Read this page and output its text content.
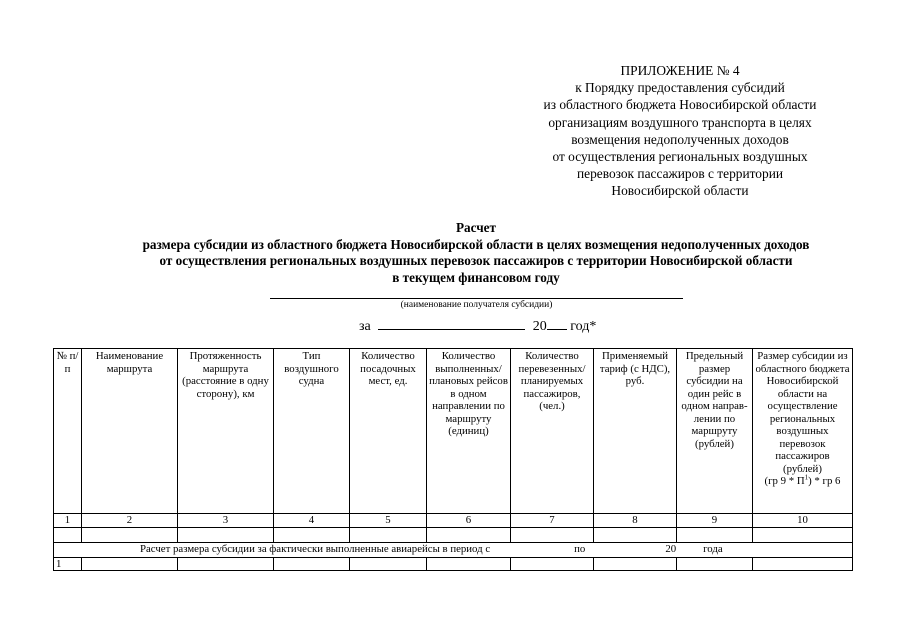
ПРИЛОЖЕНИЕ № 4
к Порядку предоставления субсидий
из областного бюджета Новосибирской области
организациям воздушного транспорта в целях
возмещения недополученных доходов
от осуществления региональных воздушных
перевозок пассажиров с территории
Новосибирской области
Расчет
размера субсидии из областного бюджета Новосибирской области в целях возмещения недополученных доходов
от осуществления региональных воздушных перевозок пассажиров с территории Новосибирской области
в текущем финансовом году
(наименование получателя субсидии)
за	20 год*
№ п/п	Наименование маршрута	Протяженность маршрута (расстояние в одну сторону), км	Тип воздушного судна	Количество посадочных мест, ед.	Количество выполненных/ плановых рейсов в одном направлении по маршруту (единиц)	Количество перевезенных/ планируемых пассажиров, (чел.)	Применяемый тариф (с НДС), руб.	Предельный размер субсидии на один рейс в одном направ-лении по маршруту (рублей)	Размер субсидии из областного бюджета Новосибирской области на осуществление региональных воздушных перевозок пассажиров (рублей)
(гр $9 * П^1$) * гр 6
1	2	3	4	5	6	7	8	9	10

Расчет размера субсидии за фактически выполненные авиарейсы в период с по 20 года									
1									
